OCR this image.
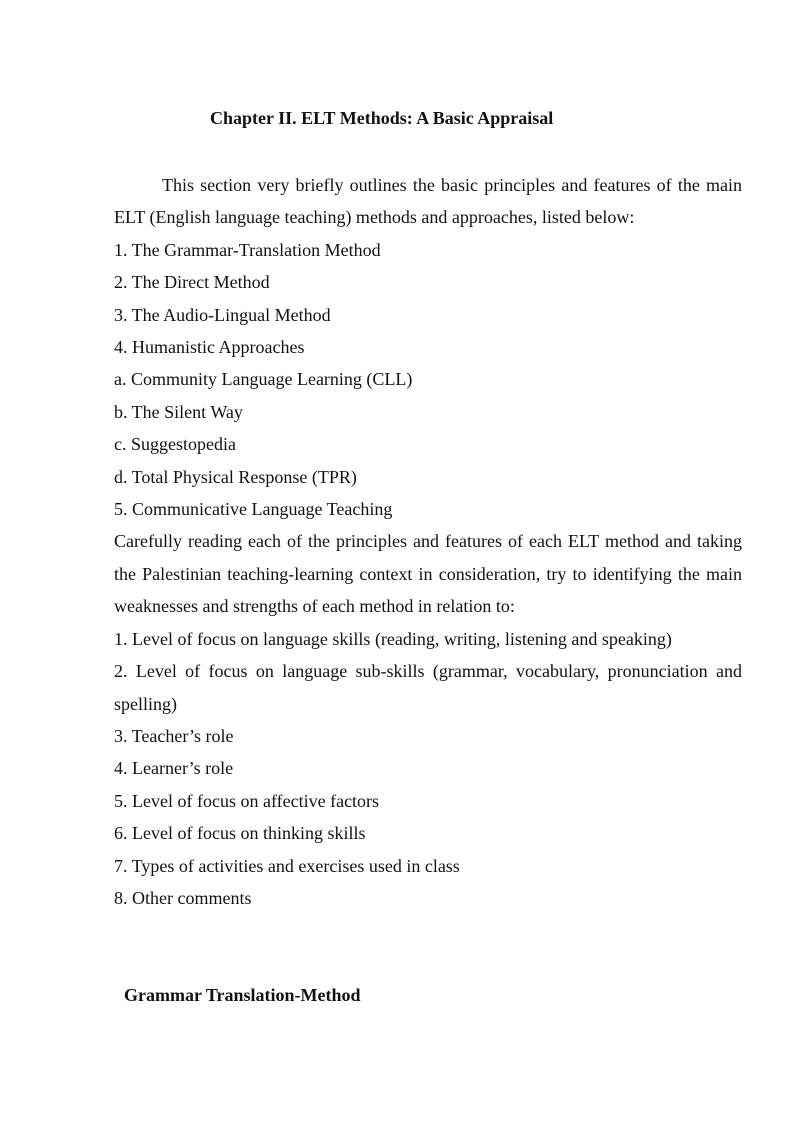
Chapter II. ELT Methods: A Basic Appraisal

This section very briefly outlines the basic principles and features of the main ELT (English language teaching) methods and approaches, listed below:

1. The Grammar-Translation Method

2. The Direct Method

3. The Audio-Lingual Method

4. Humanistic Approaches

a. Community Language Learning (CLL)

b. The Silent Way

c. Suggestopedia

d. Total Physical Response (TPR)

5. Communicative Language Teaching

Carefully reading each of the principles and features of each ELT method and taking the Palestinian teaching-learning context in consideration, try to identifying the main weaknesses and strengths of each method in relation to:

1. Level of focus on language skills (reading, writing, listening and speaking)

2. Level of focus on language sub-skills (grammar, vocabulary, pronunciation and spelling)

3. Teacher’s role

4. Learner’s role

5. Level of focus on affective factors

6. Level of focus on thinking skills

7. Types of activities and exercises used in class

8. Other comments

Grammar Translation-Method
